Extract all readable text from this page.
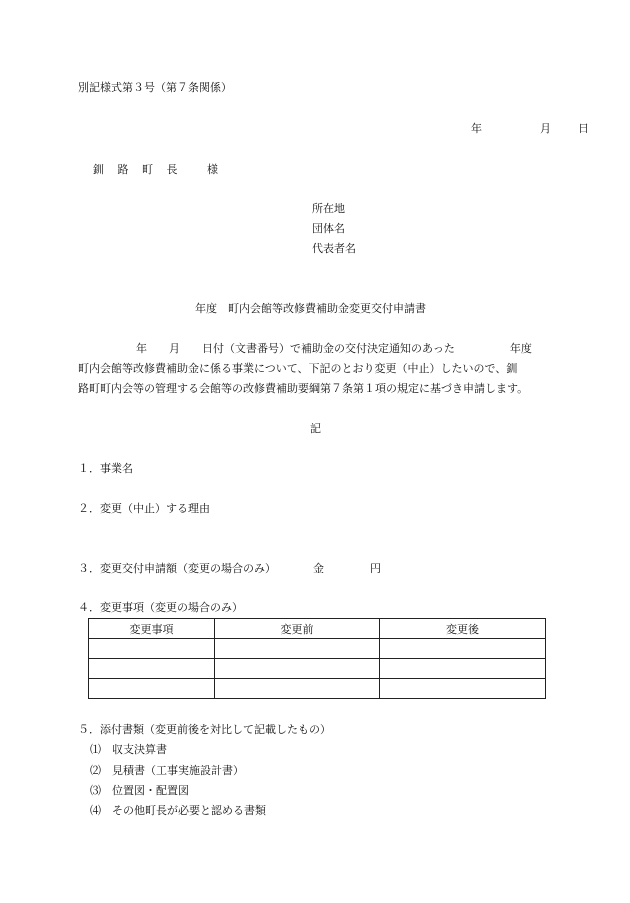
別記様式第３号（第７条関係）
年	月 日
釧 路 町 長	様
所在地
団体名
代表者名
年度　町内会館等改修費補助金変更交付申請書
年　　月　　日付（文書番号）で補助金の交付決定通知のあった　　　　　年度
町内会館等改修費補助金に係る事業について、下記のとおり変更（中止）したいので、釧
路町町内会等の管理する会館等の改修費補助要綱第７条第１項の規定に基づき申請します。
記
１．事業名
２．変更（中止）する理由
３．変更交付申請額（変更の場合のみ）	金	円
４．変更事項（変更の場合のみ）
変更事項	変更前	変更後

５．添付書類（変更前後を対比して記載したもの）
⑴　収支決算書
⑵　見積書（工事実施設計書）
⑶　位置図・配置図
⑷　その他町長が必要と認める書類
